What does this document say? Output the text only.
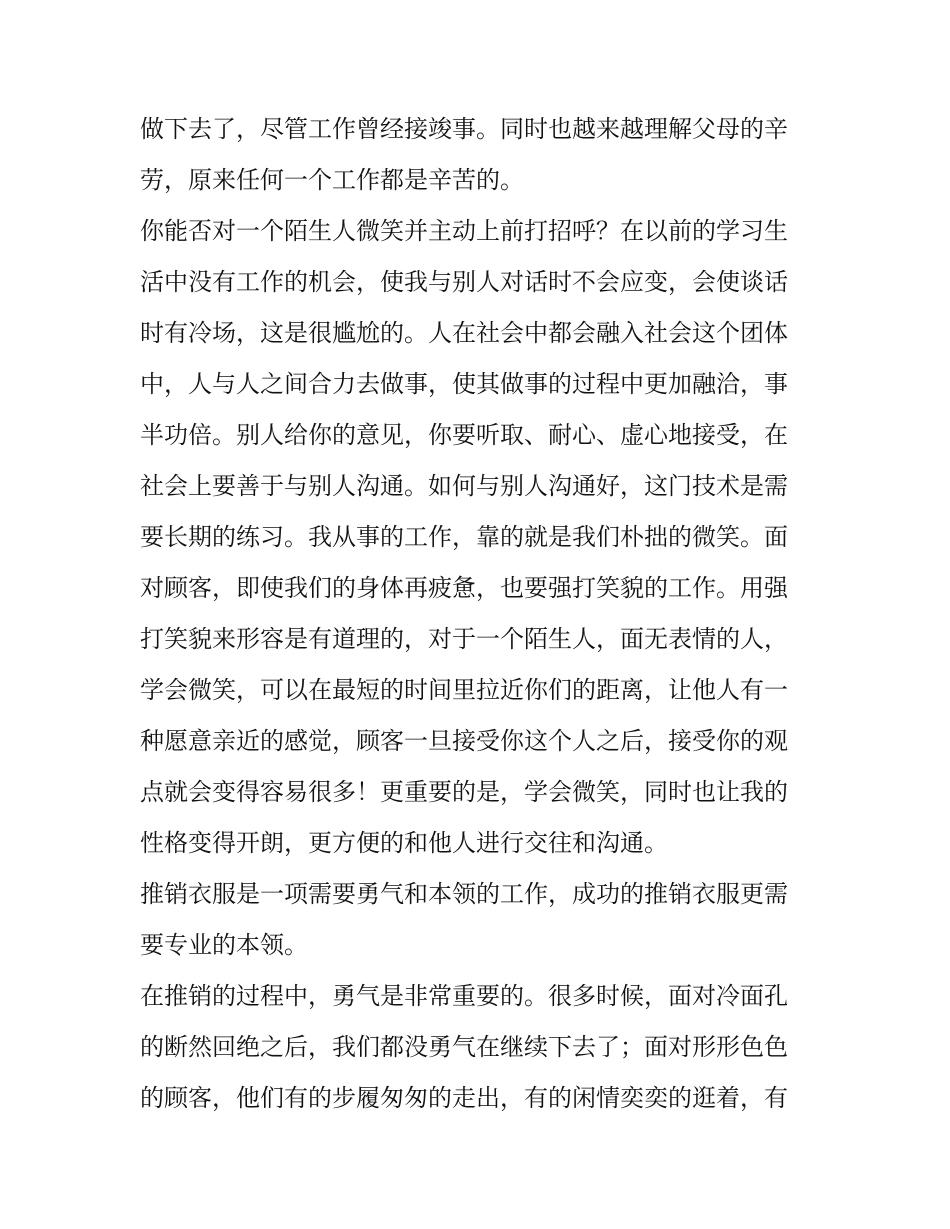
做下去了，尽管工作曾经接竣事。同时也越来越理解父母的辛
劳，原来任何一个工作都是辛苦的。
你能否对一个陌生人微笑并主动上前打招呼？在以前的学习生
活中没有工作的机会，使我与别人对话时不会应变，会使谈话
时有冷场，这是很尴尬的。人在社会中都会融入社会这个团体
中，人与人之间合力去做事，使其做事的过程中更加融洽，事
半功倍。别人给你的意见，你要听取、耐心、虚心地接受，在
社会上要善于与别人沟通。如何与别人沟通好，这门技术是需
要长期的练习。我从事的工作，靠的就是我们朴拙的微笑。面
对顾客，即使我们的身体再疲惫，也要强打笑貌的工作。用强
打笑貌来形容是有道理的，对于一个陌生人，面无表情的人，
学会微笑，可以在最短的时间里拉近你们的距离，让他人有一
种愿意亲近的感觉，顾客一旦接受你这个人之后，接受你的观
点就会变得容易很多！更重要的是，学会微笑，同时也让我的
性格变得开朗，更方便的和他人进行交往和沟通。
推销衣服是一项需要勇气和本领的工作，成功的推销衣服更需
要专业的本领。
在推销的过程中，勇气是非常重要的。很多时候，面对冷面孔
的断然回绝之后，我们都没勇气在继续下去了；面对形形色色
的顾客，他们有的步履匆匆的走出，有的闲情奕奕的逛着，有
